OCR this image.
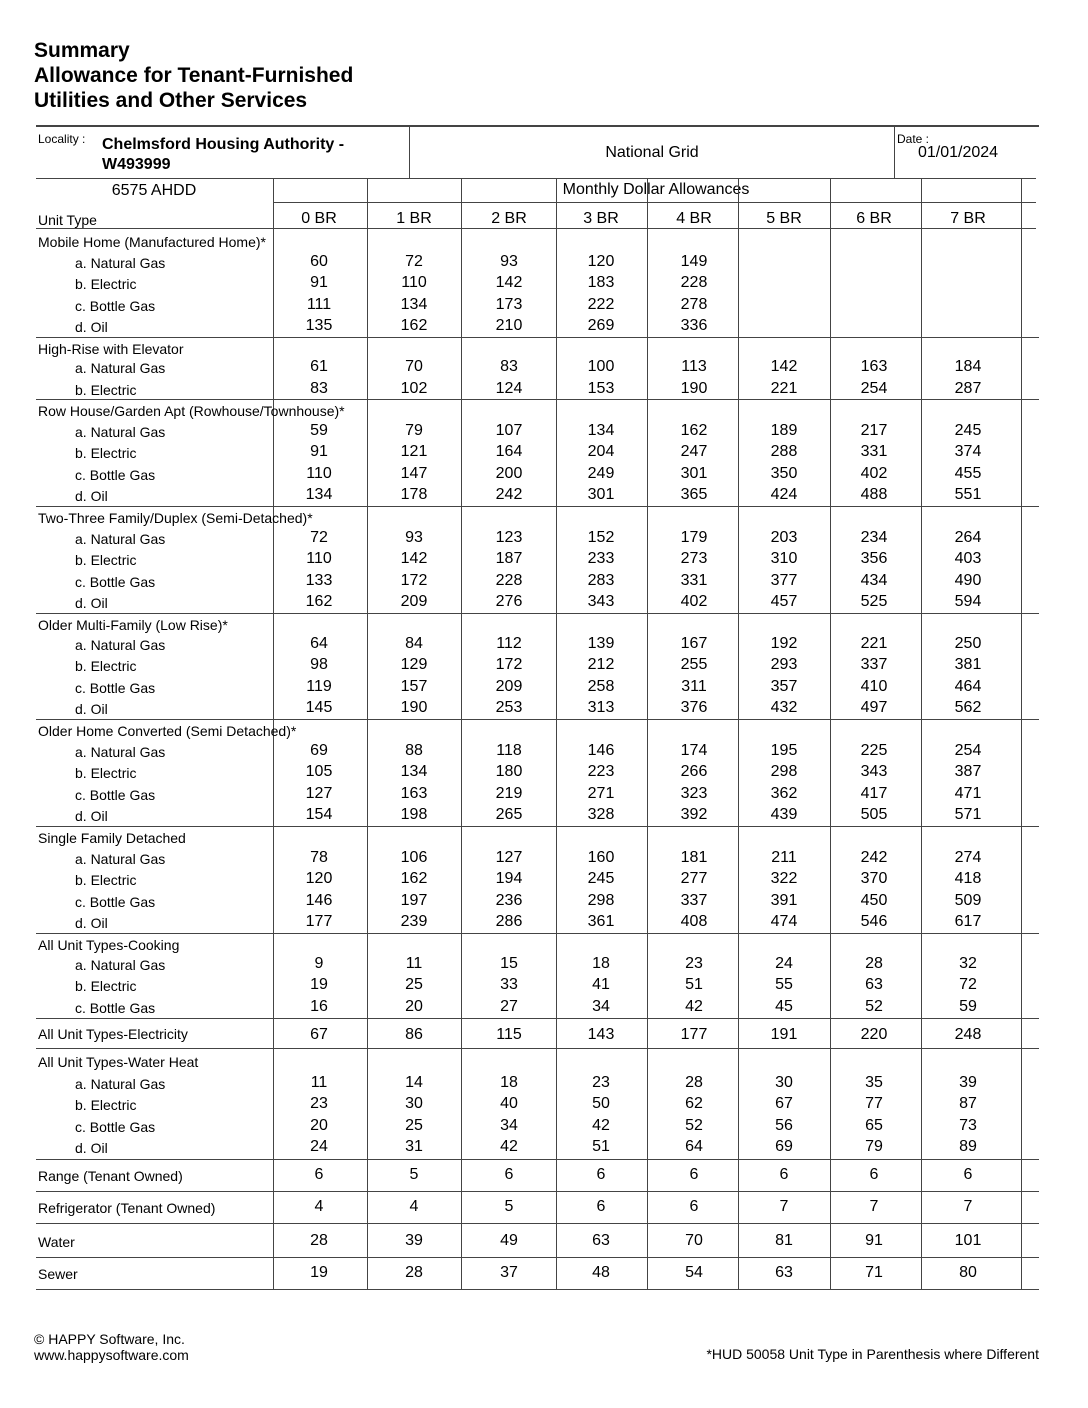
Summary
Allowance for Tenant-Furnished
Utilities and Other Services
Locality : Chelmsford Housing Authority -
W493999
National Grid
Date :
01/01/2024
6575 AHDD	Monthly Dollar Allowances
Unit Type	0 BR	1 BR	2 BR	3 BR	4 BR	5 BR	6 BR	7 BR
Mobile Home (Manufactured Home)*
a. Natural Gas	60	72	93	120	149
b. Electric	91	110	142	183	228
c. Bottle Gas	111	134	173	222	278
d. Oil	135	162	210	269	336
High-Rise with Elevator
a. Natural Gas	61	70	83	100	113	142	163	184
b. Electric	83	102	124	153	190	221	254	287
Row House/Garden Apt (Rowhouse/Townhouse)*
a. Natural Gas	59	79	107	134	162	189	217	245
b. Electric	91	121	164	204	247	288	331	374
c. Bottle Gas	110	147	200	249	301	350	402	455
d. Oil	134	178	242	301	365	424	488	551
Two-Three Family/Duplex (Semi-Detached)*
a. Natural Gas	72	93	123	152	179	203	234	264
b. Electric	110	142	187	233	273	310	356	403
c. Bottle Gas	133	172	228	283	331	377	434	490
d. Oil	162	209	276	343	402	457	525	594
Older Multi-Family (Low Rise)*
a. Natural Gas	64	84	112	139	167	192	221	250
b. Electric	98	129	172	212	255	293	337	381
c. Bottle Gas	119	157	209	258	311	357	410	464
d. Oil	145	190	253	313	376	432	497	562
Older Home Converted (Semi Detached)*
a. Natural Gas	69	88	118	146	174	195	225	254
b. Electric	105	134	180	223	266	298	343	387
c. Bottle Gas	127	163	219	271	323	362	417	471
d. Oil	154	198	265	328	392	439	505	571
Single Family Detached
a. Natural Gas	78	106	127	160	181	211	242	274
b. Electric	120	162	194	245	277	322	370	418
c. Bottle Gas	146	197	236	298	337	391	450	509
d. Oil	177	239	286	361	408	474	546	617
All Unit Types-Cooking
a. Natural Gas	9	11	15	18	23	24	28	32
b. Electric	19	25	33	41	51	55	63	72
c. Bottle Gas	16	20	27	34	42	45	52	59
All Unit Types-Electricity	67	86	115	143	177	191	220	248
All Unit Types-Water Heat
a. Natural Gas	11	14	18	23	28	30	35	39
b. Electric	23	30	40	50	62	67	77	87
c. Bottle Gas	20	25	34	42	52	56	65	73
d. Oil	24	31	42	51	64	69	79	89
Range (Tenant Owned)	6	5	6	6	6	6	6	6
Refrigerator (Tenant Owned)	4	4	5	6	6	7	7	7
Water	28	39	49	63	70	81	91	101
Sewer	19	28	37	48	54	63	71	80
© HAPPY Software, Inc.
www.happysoftware.com	*HUD 50058 Unit Type in Parenthesis where Different
